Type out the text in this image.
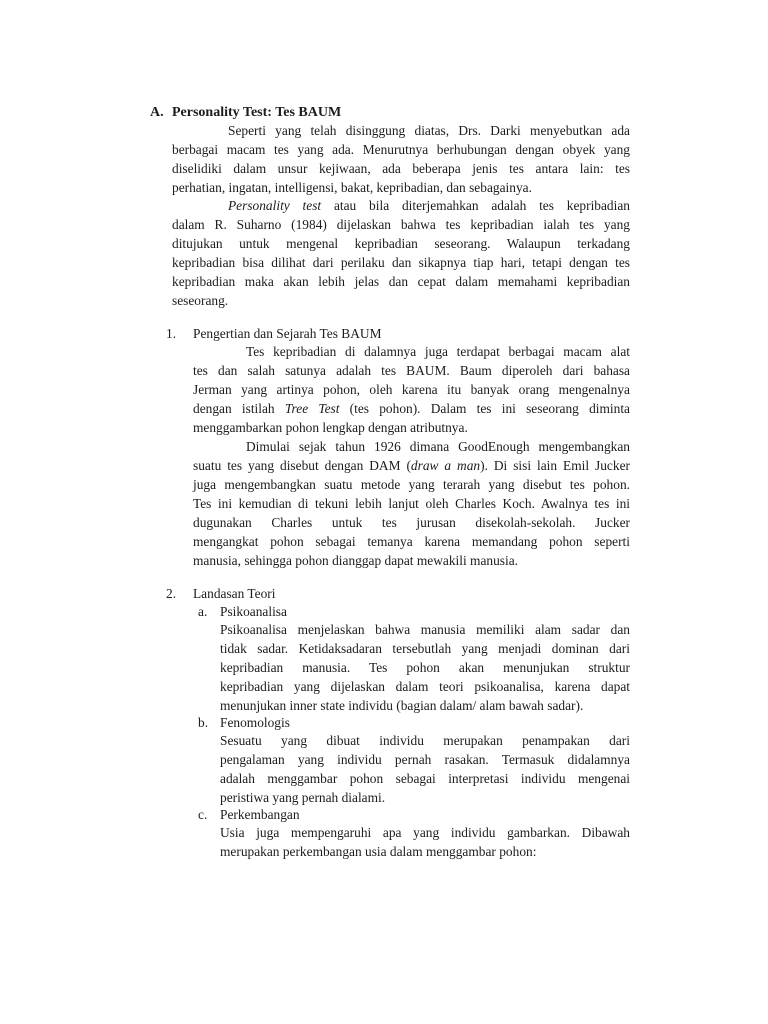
A. Personality Test: Tes BAUM
Seperti yang telah disinggung diatas, Drs. Darki menyebutkan ada
berbagai macam tes yang ada. Menurutnya berhubungan dengan obyek yang
diselidiki dalam unsur kejiwaan, ada beberapa jenis tes antara lain: tes
perhatian, ingatan, intelligensi, bakat, kepribadian, dan sebagainya.
Personality test atau bila diterjemahkan adalah tes kepribadian
dalam R. Suharno (1984) dijelaskan bahwa tes kepribadian ialah tes yang
ditujukan untuk mengenal kepribadian seseorang. Walaupun terkadang
kepribadian bisa dilihat dari perilaku dan sikapnya tiap hari, tetapi dengan tes
kepribadian maka akan lebih jelas dan cepat dalam memahami kepribadian
seseorang.
1. Pengertian dan Sejarah Tes BAUM
Tes kepribadian di dalamnya juga terdapat berbagai macam alat
tes dan salah satunya adalah tes BAUM. Baum diperoleh dari bahasa
Jerman yang artinya pohon, oleh karena itu banyak orang mengenalnya
dengan istilah Tree Test (tes pohon). Dalam tes ini seseorang diminta
menggambarkan pohon lengkap dengan atributnya.
Dimulai sejak tahun 1926 dimana GoodEnough mengembangkan
suatu tes yang disebut dengan DAM (draw a man). Di sisi lain Emil Jucker
juga mengembangkan suatu metode yang terarah yang disebut tes pohon.
Tes ini kemudian di tekuni lebih lanjut oleh Charles Koch. Awalnya tes ini
dugunakan Charles untuk tes jurusan disekolah-sekolah. Jucker
mengangkat pohon sebagai temanya karena memandang pohon seperti
manusia, sehingga pohon dianggap dapat mewakili manusia.
2. Landasan Teori
a. Psikoanalisa
Psikoanalisa menjelaskan bahwa manusia memiliki alam sadar dan
tidak sadar. Ketidaksadaran tersebutlah yang menjadi dominan dari
kepribadian manusia. Tes pohon akan menunjukan struktur
kepribadian yang dijelaskan dalam teori psikoanalisa, karena dapat
menunjukan inner state individu (bagian dalam/ alam bawah sadar).
b. Fenomologis
Sesuatu yang dibuat individu merupakan penampakan dari
pengalaman yang individu pernah rasakan. Termasuk didalamnya
adalah menggambar pohon sebagai interpretasi individu mengenai
peristiwa yang pernah dialami.
c. Perkembangan
Usia juga mempengaruhi apa yang individu gambarkan. Dibawah
merupakan perkembangan usia dalam menggambar pohon:
